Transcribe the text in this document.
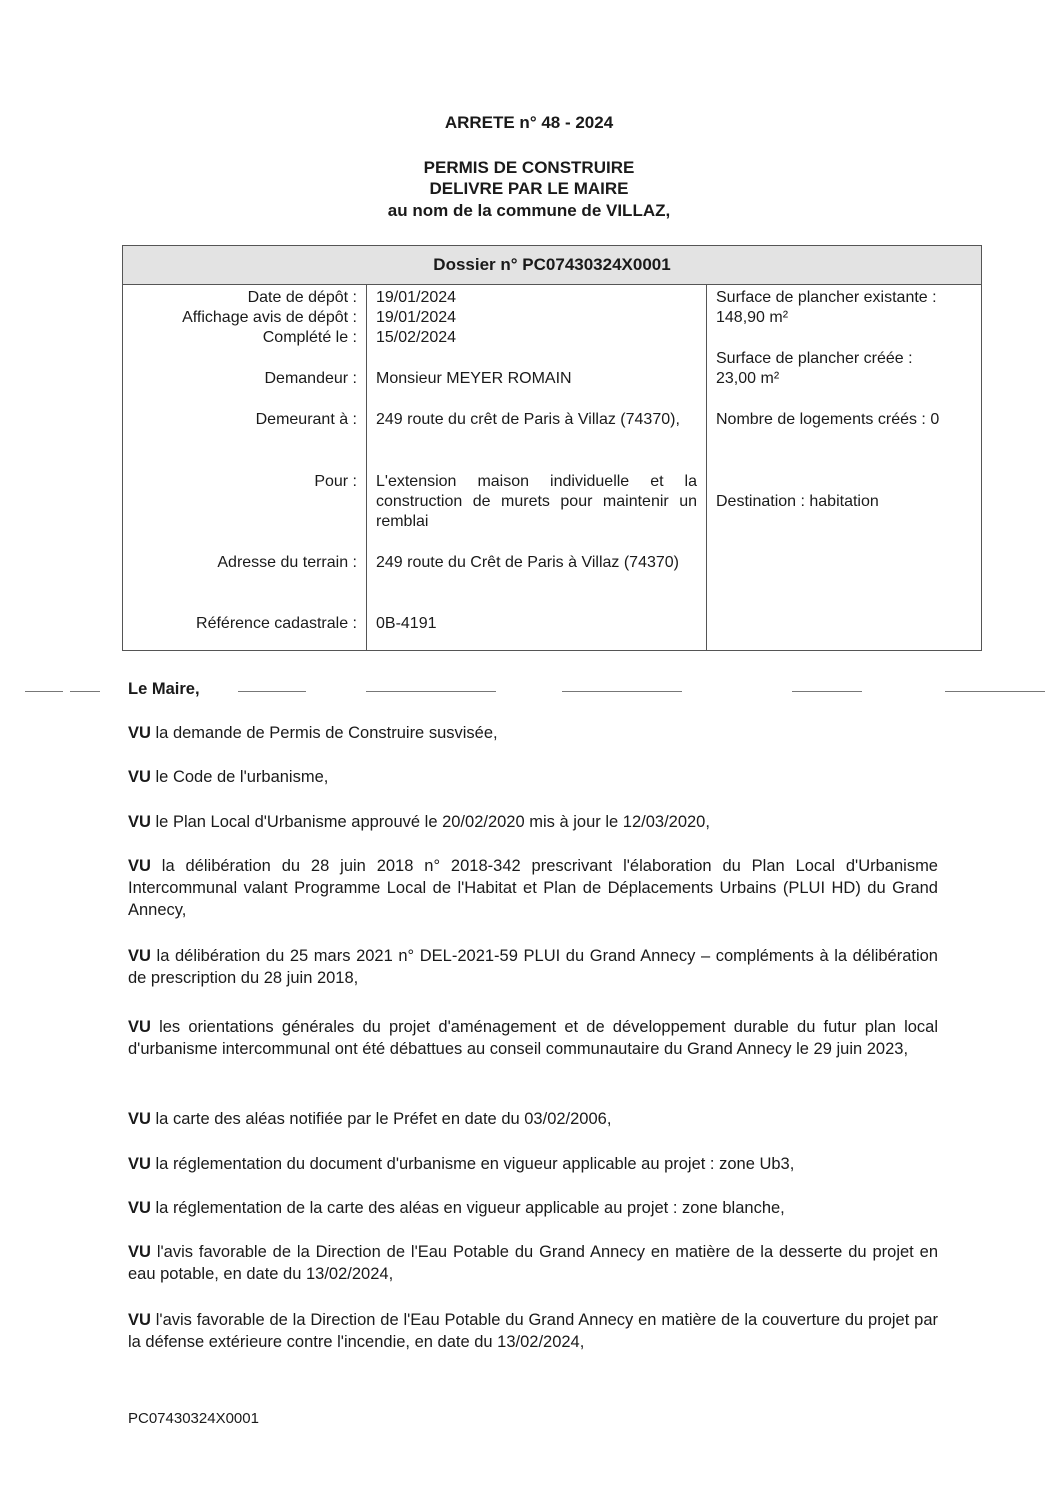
ARRETE n° 48 - 2024
PERMIS DE CONSTRUIRE
DELIVRE PAR LE MAIRE
au nom de la commune de VILLAZ,
Dossier n° PC07430324X0001
Date de dépôt :
Affichage avis de dépôt :
Complété le :
Demandeur :
Demeurant à :
Pour :
Adresse du terrain :
Référence cadastrale :
19/01/2024
19/01/2024
15/02/2024
Monsieur MEYER ROMAIN
249 route du crêt de Paris à Villaz (74370),
L'extension maison individuelle et la construction de murets pour maintenir un remblai
249 route du Crêt de Paris à Villaz (74370)
0B-4191
Surface de plancher existante :
148,90 m²
Surface de plancher créée :
23,00 m²
Nombre de logements créés : 0
Destination : habitation
Le Maire,
VU la demande de Permis de Construire susvisée,
VU le Code de l'urbanisme,
VU le Plan Local d'Urbanisme approuvé le 20/02/2020 mis à jour le 12/03/2020,
VU la délibération du 28 juin 2018 n° 2018-342 prescrivant l'élaboration du Plan Local d'Urbanisme Intercommunal valant Programme Local de l'Habitat et Plan de Déplacements Urbains (PLUI HD) du Grand Annecy,
VU la délibération du 25 mars 2021 n° DEL-2021-59 PLUI du Grand Annecy – compléments à la délibération de prescription du 28 juin 2018,
VU les orientations générales du projet d'aménagement et de développement durable du futur plan local d'urbanisme intercommunal ont été débattues au conseil communautaire du Grand Annecy le 29 juin 2023,
VU la carte des aléas notifiée par le Préfet en date du 03/02/2006,
VU la réglementation du document d'urbanisme en vigueur applicable au projet : zone Ub3,
VU la réglementation de la carte des aléas en vigueur applicable au projet : zone blanche,
VU l'avis favorable de la Direction de l'Eau Potable du Grand Annecy en matière de la desserte du projet en eau potable, en date du 13/02/2024,
VU l'avis favorable de la Direction de l'Eau Potable du Grand Annecy en matière de la couverture du projet par la défense extérieure contre l'incendie, en date du 13/02/2024,
PC07430324X0001
